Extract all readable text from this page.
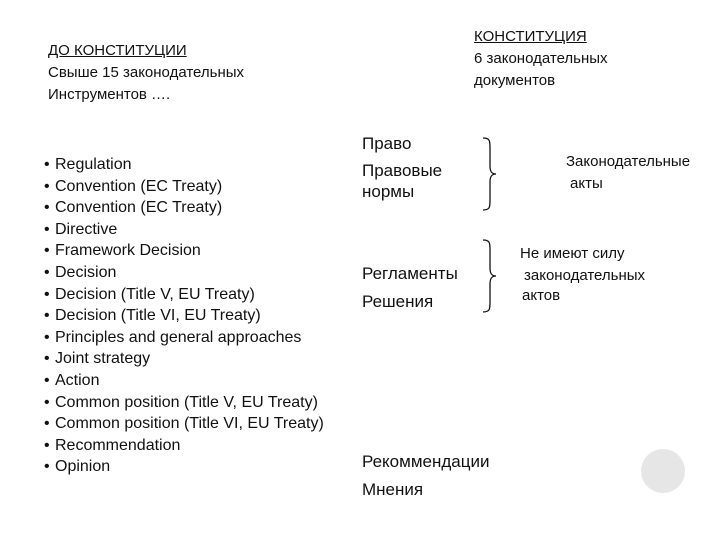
ДО КОНСТИТУЦИИ
Свыше 15 законодательных
Инструментов ….
КОНСТИТУЦИЯ
6 законодательных
документов
• Regulation
• Convention (EC Treaty)
• Convention (EC Treaty)
• Directive
• Framework Decision
• Decision
• Decision (Title V, EU Treaty)
• Decision (Title VI, EU Treaty)
• Principles and general approaches
• Joint strategy
• Action
• Common position (Title V, EU Treaty)
• Common position (Title VI, EU Treaty)
• Recommendation
• Opinion
Право
Правовые
нормы
Законодательные
акты
Регламенты
Решения
Не имеют силу
законодательных
актов
Рекоммендации
Мнения
